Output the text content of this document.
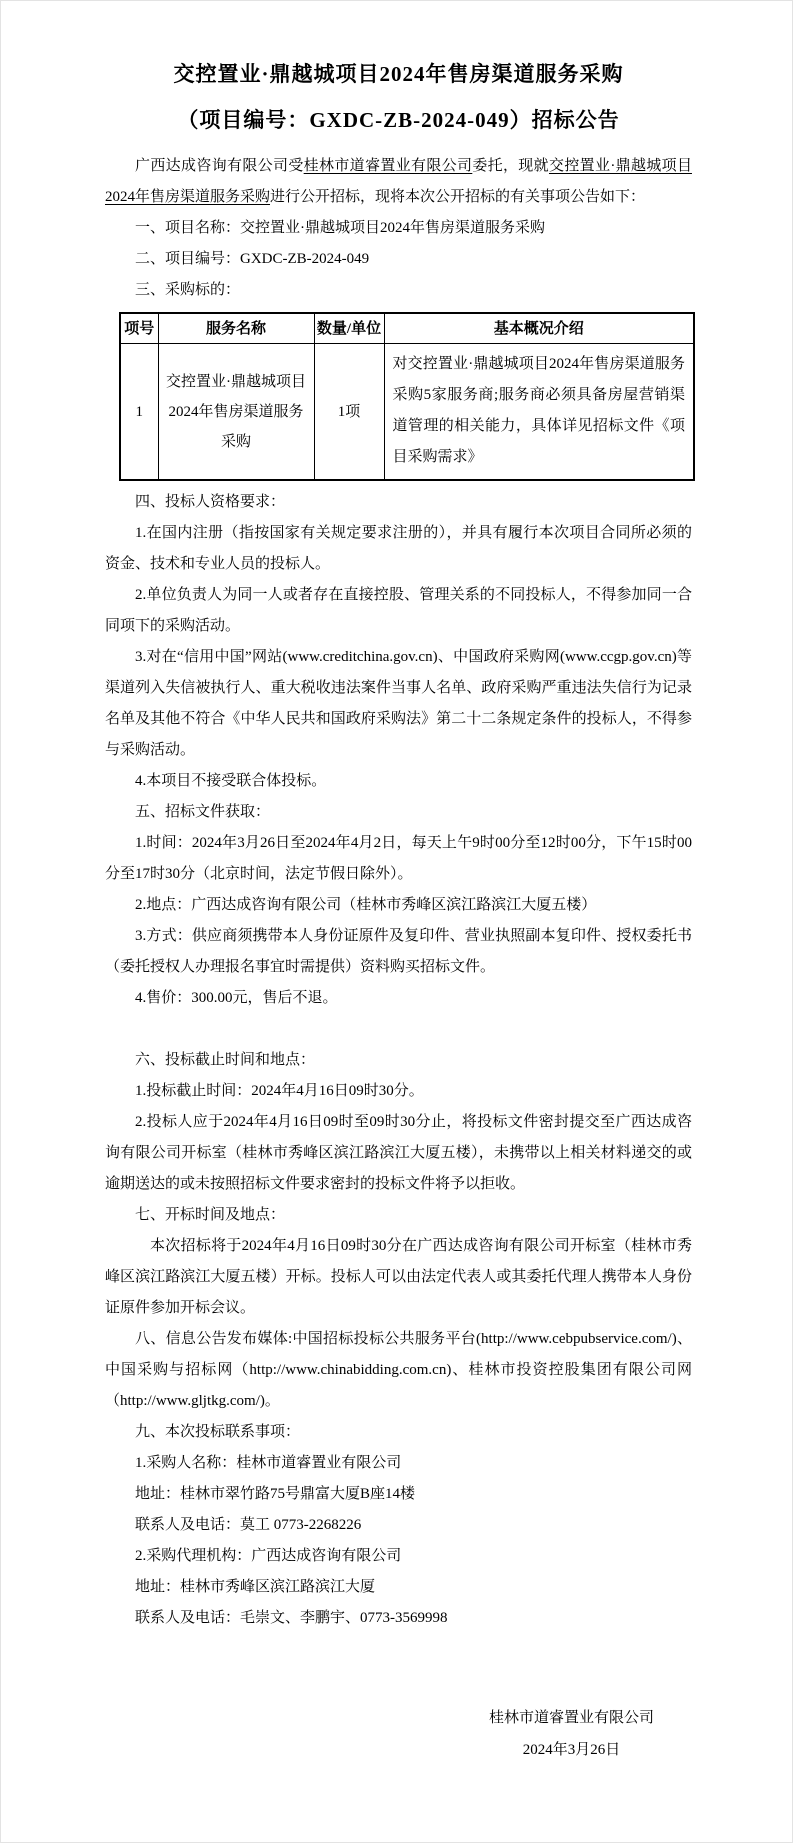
交控置业·鼎越城项目2024年售房渠道服务采购
（项目编号：GXDC-ZB-2024-049）招标公告

广西达成咨询有限公司受桂林市道睿置业有限公司委托，现就交控置业·鼎越城项目2024年售房渠道服务采购进行公开招标，现将本次公开招标的有关事项公告如下：

一、项目名称：交控置业·鼎越城项目2024年售房渠道服务采购

二、项目编号：GXDC-ZB-2024-049

三、采购标的：

项号	服务名称	数量/单位	基本概况介绍
1	交控置业·鼎越城项目2024年售房渠道服务采购	1项	对交控置业·鼎越城项目2024年售房渠道服务采购5家服务商;服务商必须具备房屋营销渠道管理的相关能力，具体详见招标文件《项目采购需求》

四、投标人资格要求：

1.在国内注册（指按国家有关规定要求注册的），并具有履行本次项目合同所必须的资金、技术和专业人员的投标人。

2.单位负责人为同一人或者存在直接控股、管理关系的不同投标人，不得参加同一合同项下的采购活动。

3.对在“信用中国”网站(www.creditchina.gov.cn)、中国政府采购网(www.ccgp.gov.cn)等渠道列入失信被执行人、重大税收违法案件当事人名单、政府采购严重违法失信行为记录名单及其他不符合《中华人民共和国政府采购法》第二十二条规定条件的投标人，不得参与采购活动。

4.本项目不接受联合体投标。

五、招标文件获取：

1.时间：2024年3月26日至2024年4月2日，每天上午9时00分至12时00分，下午15时00分至17时30分（北京时间，法定节假日除外）。

2.地点：广西达成咨询有限公司（桂林市秀峰区滨江路滨江大厦五楼）

3.方式：供应商须携带本人身份证原件及复印件、营业执照副本复印件、授权委托书（委托授权人办理报名事宜时需提供）资料购买招标文件。

4.售价：300.00元，售后不退。

六、投标截止时间和地点：

1.投标截止时间：2024年4月16日09时30分。

2.投标人应于2024年4月16日09时至09时30分止，将投标文件密封提交至广西达成咨询有限公司开标室（桂林市秀峰区滨江路滨江大厦五楼），未携带以上相关材料递交的或逾期送达的或未按照招标文件要求密封的投标文件将予以拒收。

七、开标时间及地点：

本次招标将于2024年4月16日09时30分在广西达成咨询有限公司开标室（桂林市秀峰区滨江路滨江大厦五楼）开标。投标人可以由法定代表人或其委托代理人携带本人身份证原件参加开标会议。

八、信息公告发布媒体:中国招标投标公共服务平台(http://www.cebpubservice.com/)、中国采购与招标网（http://www.chinabidding.com.cn)、桂林市投资控股集团有限公司网（http://www.gljtkg.com/)。

九、本次投标联系事项：

1.采购人名称：桂林市道睿置业有限公司

地址：桂林市翠竹路75号鼎富大厦B座14楼

联系人及电话：莫工 0773-2268226

2.采购代理机构：广西达成咨询有限公司

地址：桂林市秀峰区滨江路滨江大厦

联系人及电话：毛崇文、李鹏宇、0773-3569998

桂林市道睿置业有限公司

2024年3月26日
